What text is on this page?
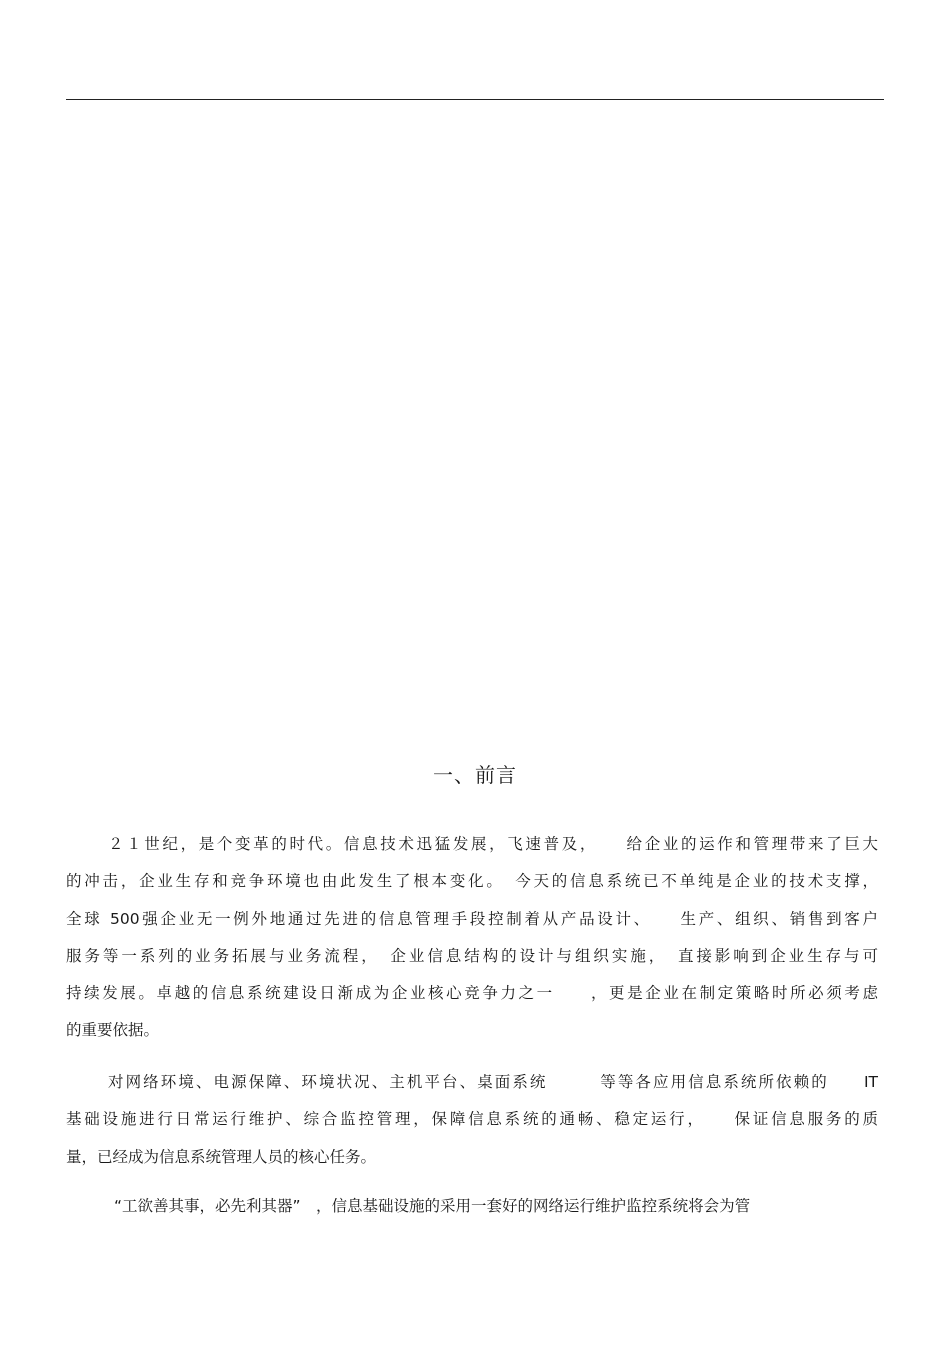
一、前言
２１世纪，是个变革的时代。信息技术迅猛发展，飞速普及，　　给企业的运作和管理带来了巨大
的冲击，企业生存和竞争环境也由此发生了根本变化。　今天的信息系统已不单纯是企业的技术支撑，
全球 500强企业无一例外地通过先进的信息管理手段控制着从产品设计、　　生产、组织、销售到客户
服务等一系列的业务拓展与业务流程，　企业信息结构的设计与组织实施，　直接影响到企业生存与可
持续发展。卓越的信息系统建设日渐成为企业核心竞争力之一　　，更是企业在制定策略时所必须考虑
的重要依据。
对网络环境、电源保障、环境状况、主机平台、桌面系统　　　等等各应用信息系统所依赖的　　IT
基础设施进行日常运行维护、综合监控管理，保障信息系统的通畅、稳定运行，　　保证信息服务的质
量，已经成为信息系统管理人员的核心任务。
“工欲善其事，必先利其器”　，信息基础设施的采用一套好的网络运行维护监控系统将会为管
